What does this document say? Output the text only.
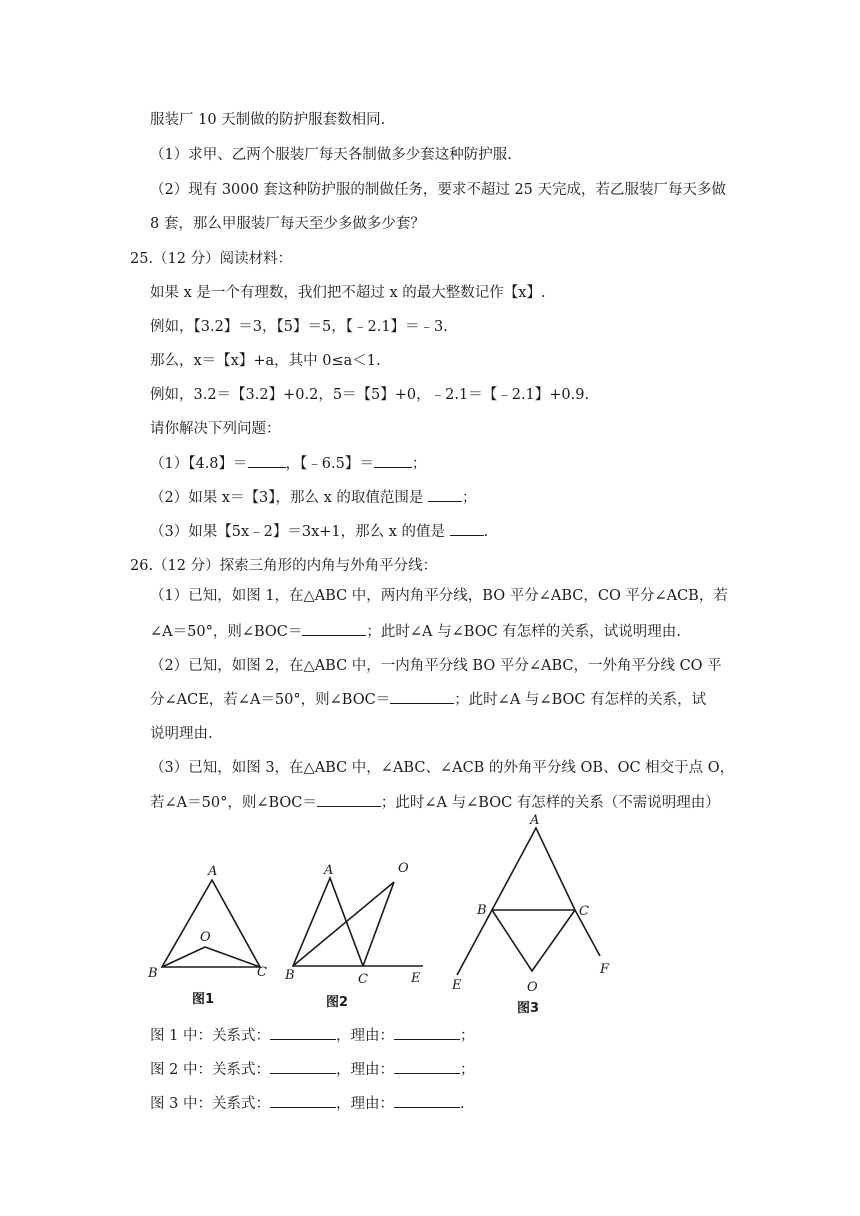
服装厂 10 天制做的防护服套数相同.
（1）求甲、乙两个服装厂每天各制做多少套这种防护服.
（2）现有 3000 套这种防护服的制做任务，要求不超过 25 天完成，若乙服装厂每天多做
8 套，那么甲服装厂每天至少多做多少套？
25.（12 分）阅读材料：
如果 x 是一个有理数，我们把不超过 x 的最大整数记作【x】.
例如，【3.2】＝3，【5】＝5，【﹣2.1】＝﹣3.
那么，x＝【x】+a，其中 0≤a＜1.
例如，3.2＝【3.2】+0.2，5＝【5】+0，﹣2.1＝【﹣2.1】+0.9.
请你解决下列问题：
（1）【4.8】＝	，【﹣6.5】＝	；
（2）如果 x＝【3】，那么 x 的取值范围是 ；
（3）如果【5x﹣2】＝3x+1，那么 x 的值是 .
26.（12 分）探索三角形的内角与外角平分线：
（1）已知，如图 1，在△ABC 中，两内角平分线，BO 平分∠ABC，CO 平分∠ACB，若
∠A＝50°，则∠BOC＝	；此时∠A 与∠BOC 有怎样的关系，试说明理由.
（2）已知，如图 2，在△ABC 中，一内角平分线 BO 平分∠ABC，一外角平分线 CO 平
分∠ACE，若∠A＝50°，则∠BOC＝	；此时∠A 与∠BOC 有怎样的关系，试
说明理由.
（3）已知，如图 3，在△ABC 中，∠ABC、∠ACB 的外角平分线 OB、OC 相交于点 O，
若∠A＝50°，则∠BOC＝	；此时∠A 与∠BOC 有怎样的关系（不需说明理由）
A
B	C
O
图1
A
B	C
O
E
图2
A
B	C
O
E
F
图3
图 1 中：关系式：	，理由：	；
图 2 中：关系式：	，理由：	；
图 3 中：关系式：	，理由：	.
